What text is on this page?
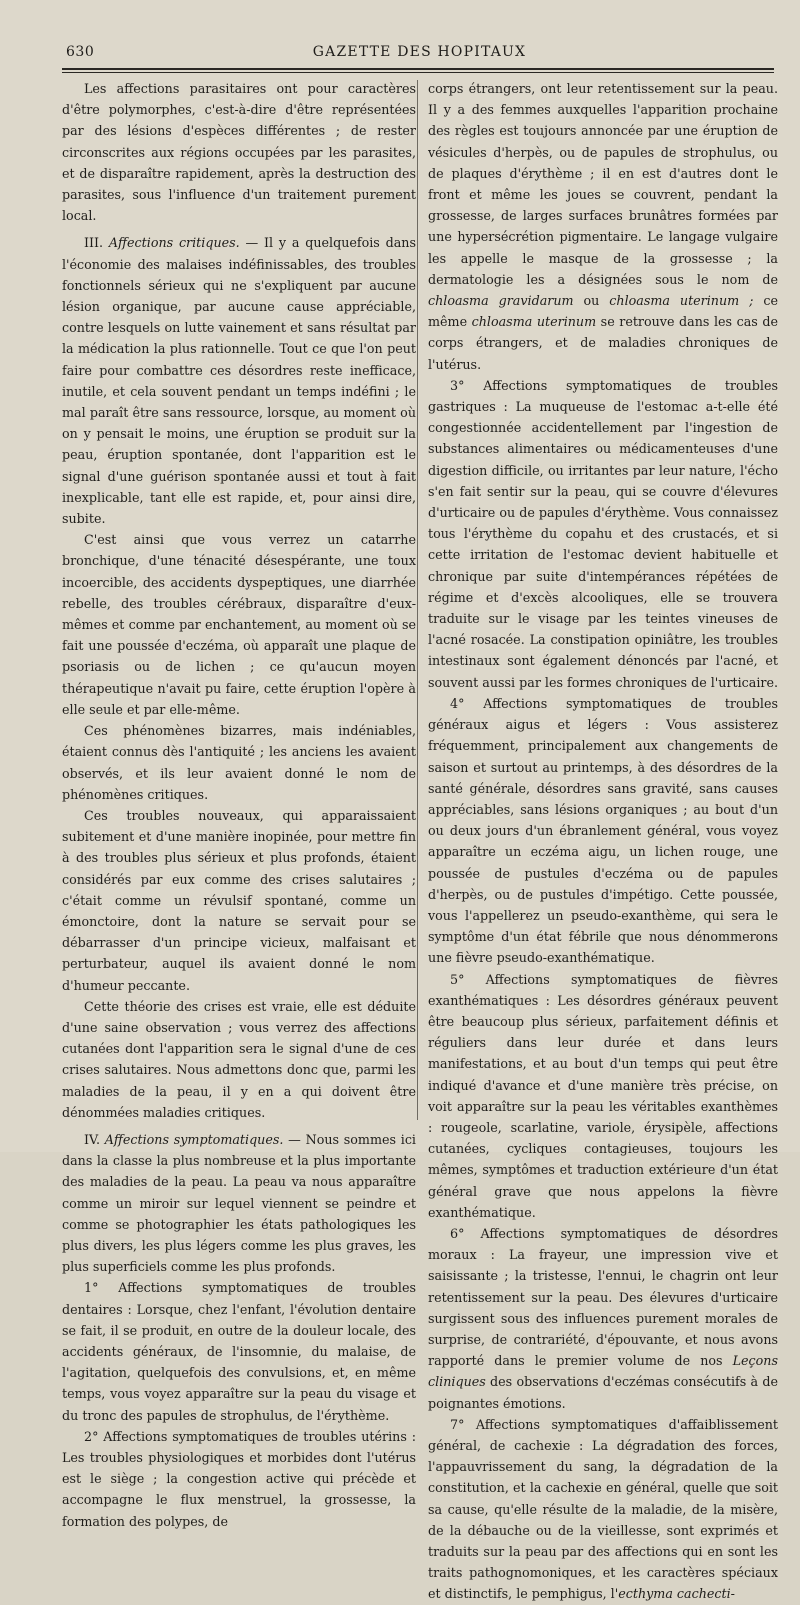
630	GAZETTE DES HOPITAUX

Les affections parasitaires ont pour caractères d'être polymorphes, c'est-à-dire d'être représentées par des lésions d'espèces différentes ; de rester circonscrites aux régions occupées par les parasites, et de disparaître rapidement, après la destruction des parasites, sous l'influence d'un traitement purement local.

III. Affections critiques. — Il y a quelquefois dans l'économie des malaises indéfinissables, des troubles fonctionnels sérieux qui ne s'expliquent par aucune lésion organique, par aucune cause appréciable, contre lesquels on lutte vainement et sans résultat par la médication la plus rationnelle. Tout ce que l'on peut faire pour combattre ces désordres reste inefficace, inutile, et cela souvent pendant un temps indéfini ; le mal paraît être sans ressource, lorsque, au moment où on y pensait le moins, une éruption se produit sur la peau, éruption spontanée, dont l'apparition est le signal d'une guérison spontanée aussi et tout à fait inexplicable, tant elle est rapide, et, pour ainsi dire, subite.

C'est ainsi que vous verrez un catarrhe bronchique, d'une ténacité désespérante, une toux incoercible, des accidents dyspeptiques, une diarrhée rebelle, des troubles cérébraux, disparaître d'eux-mêmes et comme par enchantement, au moment où se fait une poussée d'eczéma, où apparaît une plaque de psoriasis ou de lichen ; ce qu'aucun moyen thérapeutique n'avait pu faire, cette éruption l'opère à elle seule et par elle-même.

Ces phénomènes bizarres, mais indéniables, étaient connus dès l'antiquité ; les anciens les avaient observés, et ils leur avaient donné le nom de phénomènes critiques.

Ces troubles nouveaux, qui apparaissaient subitement et d'une manière inopinée, pour mettre fin à des troubles plus sérieux et plus profonds, étaient considérés par eux comme des crises salutaires ; c'était comme un révulsif spontané, comme un émonctoire, dont la nature se servait pour se débarrasser d'un principe vicieux, malfaisant et perturbateur, auquel ils avaient donné le nom d'humeur peccante.

Cette théorie des crises est vraie, elle est déduite d'une saine observation ; vous verrez des affections cutanées dont l'apparition sera le signal d'une de ces crises salutaires. Nous admettons donc que, parmi les maladies de la peau, il y en a qui doivent être dénommées maladies critiques.

IV. Affections symptomatiques. — Nous sommes ici dans la classe la plus nombreuse et la plus importante des maladies de la peau. La peau va nous apparaître comme un miroir sur lequel viennent se peindre et comme se photographier les états pathologiques les plus divers, les plus légers comme les plus graves, les plus superficiels comme les plus profonds.

1° Affections symptomatiques de troubles dentaires : Lorsque, chez l'enfant, l'évolution dentaire se fait, il se produit, en outre de la douleur locale, des accidents généraux, de l'insomnie, du malaise, de l'agitation, quelquefois des convulsions, et, en même temps, vous voyez apparaître sur la peau du visage et du tronc des papules de strophulus, de l'érythème.

2° Affections symptomatiques de troubles utérins : Les troubles physiologiques et morbides dont l'utérus est le siège ; la congestion active qui précède et accompagne le flux menstruel, la grossesse, la formation des polypes, de

corps étrangers, ont leur retentissement sur la peau. Il y a des femmes auxquelles l'apparition prochaine des règles est toujours annoncée par une éruption de vésicules d'herpès, ou de papules de strophulus, ou de plaques d'érythème ; il en est d'autres dont le front et même les joues se couvrent, pendant la grossesse, de larges surfaces brunâtres formées par une hypersécrétion pigmentaire. Le langage vulgaire les appelle le masque de la grossesse ; la dermatologie les a désignées sous le nom de chloasma gravidarum ou chloasma uterinum ; ce même chloasma uterinum se retrouve dans les cas de corps étrangers, et de maladies chroniques de l'utérus.

3° Affections symptomatiques de troubles gastriques : La muqueuse de l'estomac a-t-elle été congestionnée accidentellement par l'ingestion de substances alimentaires ou médicamenteuses d'une digestion difficile, ou irritantes par leur nature, l'écho s'en fait sentir sur la peau, qui se couvre d'élevures d'urticaire ou de papules d'érythème. Vous connaissez tous l'érythème du copahu et des crustacés, et si cette irritation de l'estomac devient habituelle et chronique par suite d'intempérances répétées de régime et d'excès alcooliques, elle se trouvera traduite sur le visage par les teintes vineuses de l'acné rosacée. La constipation opiniâtre, les troubles intestinaux sont également dénoncés par l'acné, et souvent aussi par les formes chroniques de l'urticaire.

4° Affections symptomatiques de troubles généraux aigus et légers : Vous assisterez fréquemment, principalement aux changements de saison et surtout au printemps, à des désordres de la santé générale, désordres sans gravité, sans causes appréciables, sans lésions organiques ; au bout d'un ou deux jours d'un ébranlement général, vous voyez apparaître un eczéma aigu, un lichen rouge, une poussée de pustules d'eczéma ou de papules d'herpès, ou de pustules d'impétigo. Cette poussée, vous l'appellerez un pseudo-exanthème, qui sera le symptôme d'un état fébrile que nous dénommerons une fièvre pseudo-exanthématique.

5° Affections symptomatiques de fièvres exanthématiques : Les désordres généraux peuvent être beaucoup plus sérieux, parfaitement définis et réguliers dans leur durée et dans leurs manifestations, et au bout d'un temps qui peut être indiqué d'avance et d'une manière très précise, on voit apparaître sur la peau les véritables exanthèmes : rougeole, scarlatine, variole, érysipèle, affections cutanées, cycliques contagieuses, toujours les mêmes, symptômes et traduction extérieure d'un état général grave que nous appelons la fièvre exanthématique.

6° Affections symptomatiques de désordres moraux : La frayeur, une impression vive et saisissante ; la tristesse, l'ennui, le chagrin ont leur retentissement sur la peau. Des élevures d'urticaire surgissent sous des influences purement morales de surprise, de contrariété, d'épouvante, et nous avons rapporté dans le premier volume de nos Leçons cliniques des observations d'eczémas consécutifs à de poignantes émotions.

7° Affections symptomatiques d'affaiblissement général, de cachexie : La dégradation des forces, l'appauvrissement du sang, la dégradation de la constitution, et la cachexie en général, quelle que soit sa cause, qu'elle résulte de la maladie, de la misère, de la débauche ou de la vieillesse, sont exprimés et traduits sur la peau par des affections qui en sont les traits pathognomoniques, et les caractères spéciaux et distinctifs, le pemphigus, l'ecthyma cachecti-
